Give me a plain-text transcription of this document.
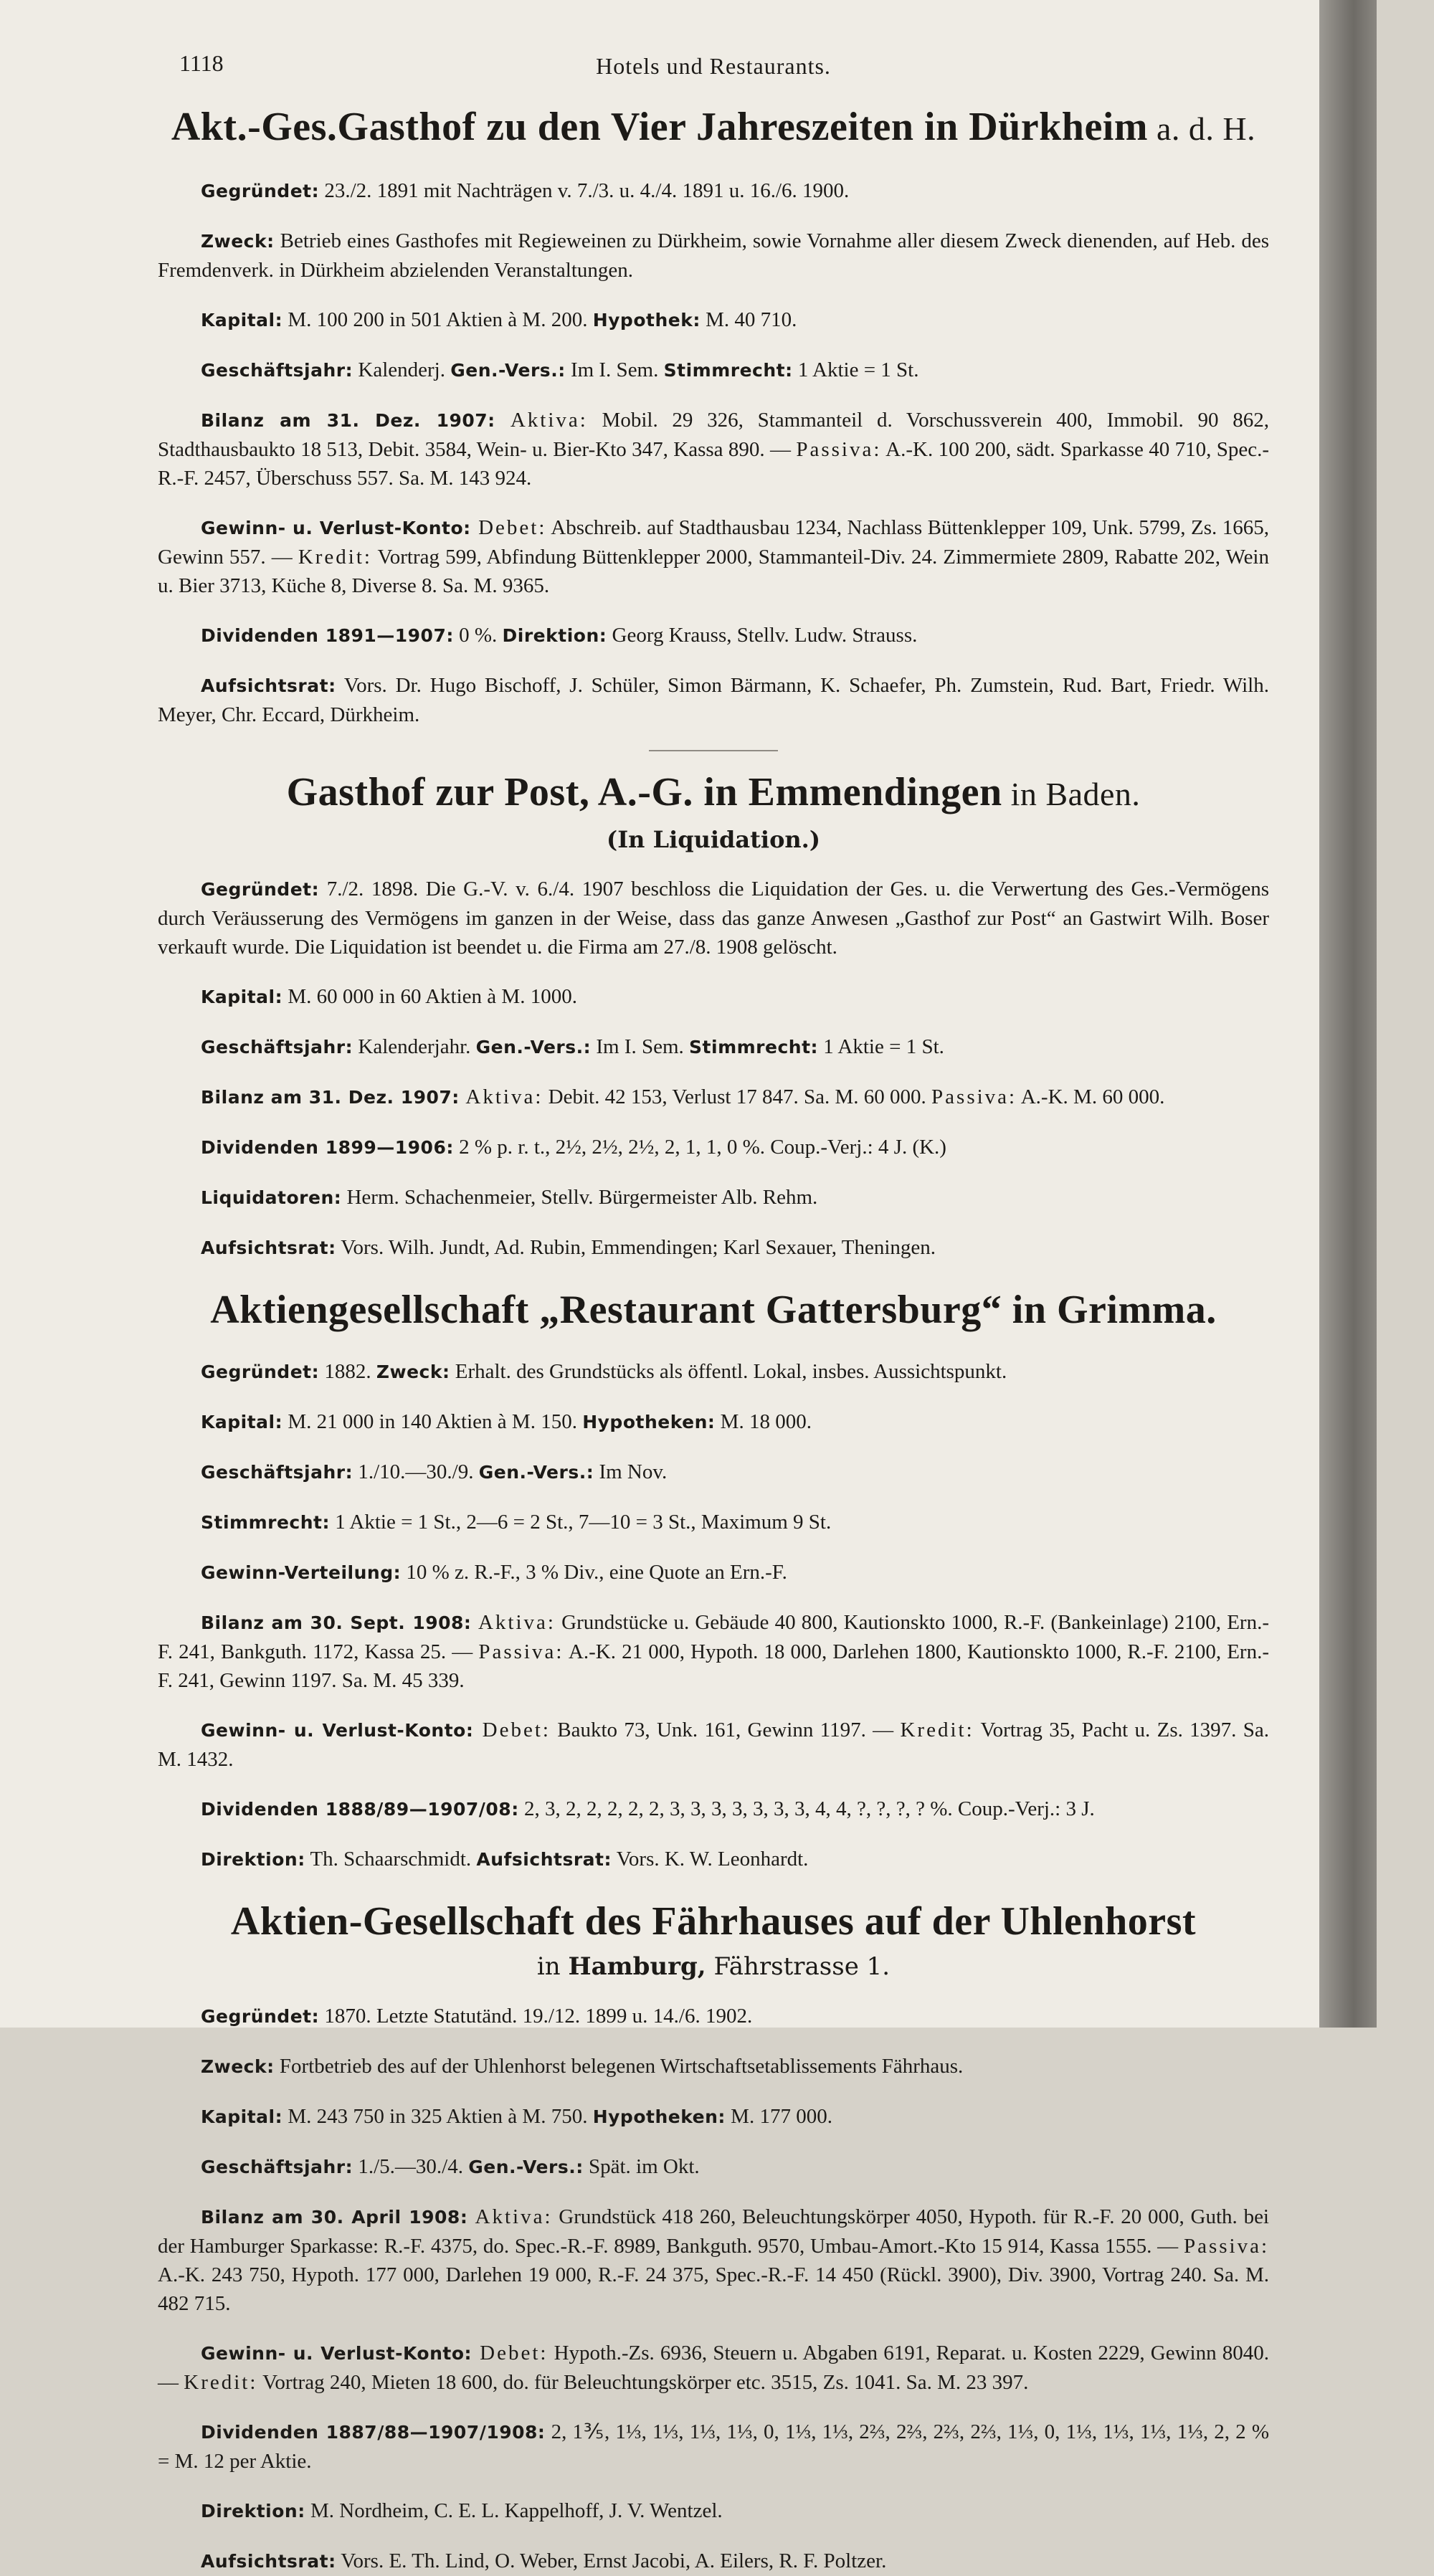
1118	Hotels und Restaurants.
Akt.-Ges.Gasthof zu den Vier Jahreszeiten in Dürkheim a. d. H.

Gegründet: 23./2. 1891 mit Nachträgen v. 7./3. u. 4./4. 1891 u. 16./6. 1900.

Zweck: Betrieb eines Gasthofes mit Regieweinen zu Dürkheim, sowie Vornahme aller diesem Zweck dienenden, auf Heb. des Fremdenverk. in Dürkheim abzielenden Veranstaltungen.

Kapital: M. 100 200 in 501 Aktien à M. 200. Hypothek: M. 40 710.

Geschäftsjahr: Kalenderj. Gen.-Vers.: Im I. Sem. Stimmrecht: 1 Aktie = 1 St.

Bilanz am 31. Dez. 1907: Aktiva: Mobil. 29 326, Stammanteil d. Vorschussverein 400, Immobil. 90 862, Stadthausbaukto 18 513, Debit. 3584, Wein- u. Bier-Kto 347, Kassa 890. — Passiva: A.-K. 100 200, sädt. Sparkasse 40 710, Spec.-R.-F. 2457, Überschuss 557. Sa. M. 143 924.

Gewinn- u. Verlust-Konto: Debet: Abschreib. auf Stadthausbau 1234, Nachlass Büttenklepper 109, Unk. 5799, Zs. 1665, Gewinn 557. — Kredit: Vortrag 599, Abfindung Büttenklepper 2000, Stammanteil-Div. 24. Zimmermiete 2809, Rabatte 202, Wein u. Bier 3713, Küche 8, Diverse 8. Sa. M. 9365.

Dividenden 1891—1907: 0 %. Direktion: Georg Krauss, Stellv. Ludw. Strauss.

Aufsichtsrat: Vors. Dr. Hugo Bischoff, J. Schüler, Simon Bärmann, K. Schaefer, Ph. Zumstein, Rud. Bart, Friedr. Wilh. Meyer, Chr. Eccard, Dürkheim.

Gasthof zur Post, A.-G. in Emmendingen in Baden.
(In Liquidation.)

Gegründet: 7./2. 1898. Die G.-V. v. 6./4. 1907 beschloss die Liquidation der Ges. u. die Verwertung des Ges.-Vermögens durch Veräusserung des Vermögens im ganzen in der Weise, dass das ganze Anwesen „Gasthof zur Post“ an Gastwirt Wilh. Boser verkauft wurde. Die Liquidation ist beendet u. die Firma am 27./8. 1908 gelöscht.

Kapital: M. 60 000 in 60 Aktien à M. 1000.

Geschäftsjahr: Kalenderjahr. Gen.-Vers.: Im I. Sem. Stimmrecht: 1 Aktie = 1 St.

Bilanz am 31. Dez. 1907: Aktiva: Debit. 42 153, Verlust 17 847. Sa. M. 60 000. Passiva: A.-K. M. 60 000.

Dividenden 1899—1906: 2 % p. r. t., 2½, 2½, 2½, 2, 1, 1, 0 %. Coup.-Verj.: 4 J. (K.)

Liquidatoren: Herm. Schachenmeier, Stellv. Bürgermeister Alb. Rehm.

Aufsichtsrat: Vors. Wilh. Jundt, Ad. Rubin, Emmendingen; Karl Sexauer, Theningen.

Aktiengesellschaft „Restaurant Gattersburg“ in Grimma.

Gegründet: 1882. Zweck: Erhalt. des Grundstücks als öffentl. Lokal, insbes. Aussichtspunkt.

Kapital: M. 21 000 in 140 Aktien à M. 150. Hypotheken: M. 18 000.

Geschäftsjahr: 1./10.—30./9. Gen.-Vers.: Im Nov.

Stimmrecht: 1 Aktie = 1 St., 2—6 = 2 St., 7—10 = 3 St., Maximum 9 St.

Gewinn-Verteilung: 10 % z. R.-F., 3 % Div., eine Quote an Ern.-F.

Bilanz am 30. Sept. 1908: Aktiva: Grundstücke u. Gebäude 40 800, Kautionskto 1000, R.-F. (Bankeinlage) 2100, Ern.-F. 241, Bankguth. 1172, Kassa 25. — Passiva: A.-K. 21 000, Hypoth. 18 000, Darlehen 1800, Kautionskto 1000, R.-F. 2100, Ern.-F. 241, Gewinn 1197. Sa. M. 45 339.

Gewinn- u. Verlust-Konto: Debet: Baukto 73, Unk. 161, Gewinn 1197. — Kredit: Vortrag 35, Pacht u. Zs. 1397. Sa. M. 1432.

Dividenden 1888/89—1907/08: 2, 3, 2, 2, 2, 2, 2, 3, 3, 3, 3, 3, 3, 3, 4, 4, ?, ?, ?, ? %. Coup.-Verj.: 3 J.

Direktion: Th. Schaarschmidt. Aufsichtsrat: Vors. K. W. Leonhardt.

Aktien-Gesellschaft des Fährhauses auf der Uhlenhorst
in Hamburg, Fährstrasse 1.

Gegründet: 1870. Letzte Statutänd. 19./12. 1899 u. 14./6. 1902.

Zweck: Fortbetrieb des auf der Uhlenhorst belegenen Wirtschaftsetablissements Fährhaus.

Kapital: M. 243 750 in 325 Aktien à M. 750. Hypotheken: M. 177 000.

Geschäftsjahr: 1./5.—30./4. Gen.-Vers.: Spät. im Okt.

Bilanz am 30. April 1908: Aktiva: Grundstück 418 260, Beleuchtungskörper 4050, Hypoth. für R.-F. 20 000, Guth. bei der Hamburger Sparkasse: R.-F. 4375, do. Spec.-R.-F. 8989, Bankguth. 9570, Umbau-Amort.-Kto 15 914, Kassa 1555. — Passiva: A.-K. 243 750, Hypoth. 177 000, Darlehen 19 000, R.-F. 24 375, Spec.-R.-F. 14 450 (Rückl. 3900), Div. 3900, Vortrag 240. Sa. M. 482 715.

Gewinn- u. Verlust-Konto: Debet: Hypoth.-Zs. 6936, Steuern u. Abgaben 6191, Reparat. u. Kosten 2229, Gewinn 8040. — Kredit: Vortrag 240, Mieten 18 600, do. für Beleuchtungskörper etc. 3515, Zs. 1041. Sa. M. 23 397.

Dividenden 1887/88—1907/1908: 2, 1⅗, 1⅓, 1⅓, 1⅓, 1⅓, 0, 1⅓, 1⅓, 2⅔, 2⅔, 2⅔, 2⅔, 1⅓, 0, 1⅓, 1⅓, 1⅓, 1⅓, 2, 2 % = M. 12 per Aktie.

Direktion: M. Nordheim, C. E. L. Kappelhoff, J. V. Wentzel.

Aufsichtsrat: Vors. E. Th. Lind, O. Weber, Ernst Jacobi, A. Eilers, R. F. Poltzer.
